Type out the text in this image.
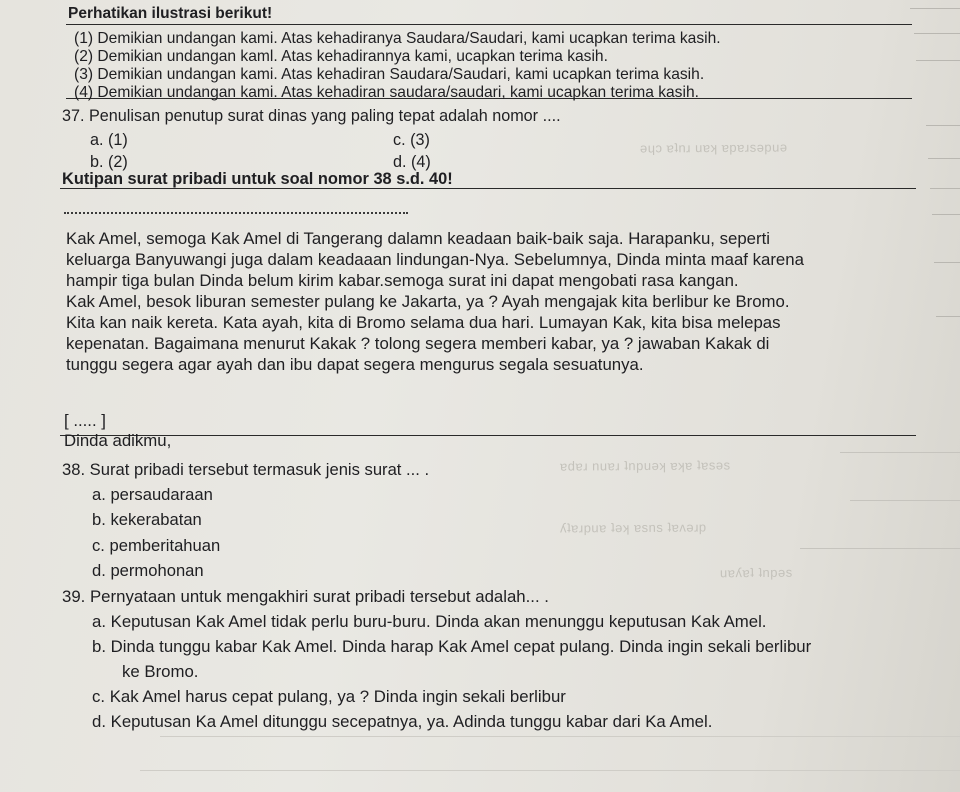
ǝɥɔ ɐʇnɹ uɐʞ ɐpɐɹsǝpuǝ
ɐdɐɹ nuɐɹ ʇnpuǝʞ ɐʞɐ ʇɐsǝs
ʎʇɐɹpuɐ ʇǝʞ ɐsns ʇɐʌǝɹp
uɐʎɐʇ ʇnpǝs
Perhatikan ilustrasi berikut!
(1) Demikian undangan kami. Atas kehadiranya Saudara/Saudari, kami ucapkan terima kasih.
(2) Demikian undangan kaml. Atas kehadirannya kami, ucapkan terima kasih.
(3) Demikian undangan kami. Atas kehadiran Saudara/Saudari, kami ucapkan terima kasih.
(4) Demikian undangan kami. Atas kehadiran saudara/saudari, kami ucapkan terima kasih.
37. Penulisan penutup surat dinas yang paling tepat adalah nomor ....
a. (1)
b. (2)
c. (3)
d. (4)
Kutipan surat pribadi untuk soal nomor 38 s.d. 40!
Kak Amel, semoga Kak Amel di Tangerang dalamn keadaan baik-baik saja. Harapanku, seperti
keluarga Banyuwangi juga dalam keadaaan lindungan-Nya. Sebelumnya, Dinda minta maaf karena
hampir tiga bulan Dinda belum kirim kabar.semoga surat ini dapat mengobati rasa kangan.
Kak Amel, besok liburan semester pulang ke Jakarta, ya ? Ayah mengajak kita berlibur ke Bromo.
Kita kan naik kereta. Kata ayah, kita di Bromo selama dua hari. Lumayan Kak, kita bisa melepas
kepenatan. Bagaimana menurut Kakak ? tolong segera memberi kabar, ya ? jawaban Kakak di
tunggu segera agar ayah dan ibu dapat segera mengurus segala sesuatunya.
[ ..... ]
Dinda adikmu,
38. Surat pribadi tersebut termasuk jenis surat ... .
a. persaudaraan
b. kekerabatan
c. pemberitahuan
d. permohonan
39. Pernyataan untuk mengakhiri surat pribadi tersebut adalah... .
a. Keputusan Kak Amel tidak perlu buru-buru. Dinda akan menunggu keputusan Kak Amel.
b. Dinda tunggu kabar Kak Amel. Dinda harap Kak Amel cepat pulang. Dinda ingin sekali berlibur
ke Bromo.
c. Kak Amel harus cepat pulang, ya ? Dinda ingin sekali berlibur
d. Keputusan Ka Amel ditunggu secepatnya, ya. Adinda tunggu kabar dari Ka Amel.
